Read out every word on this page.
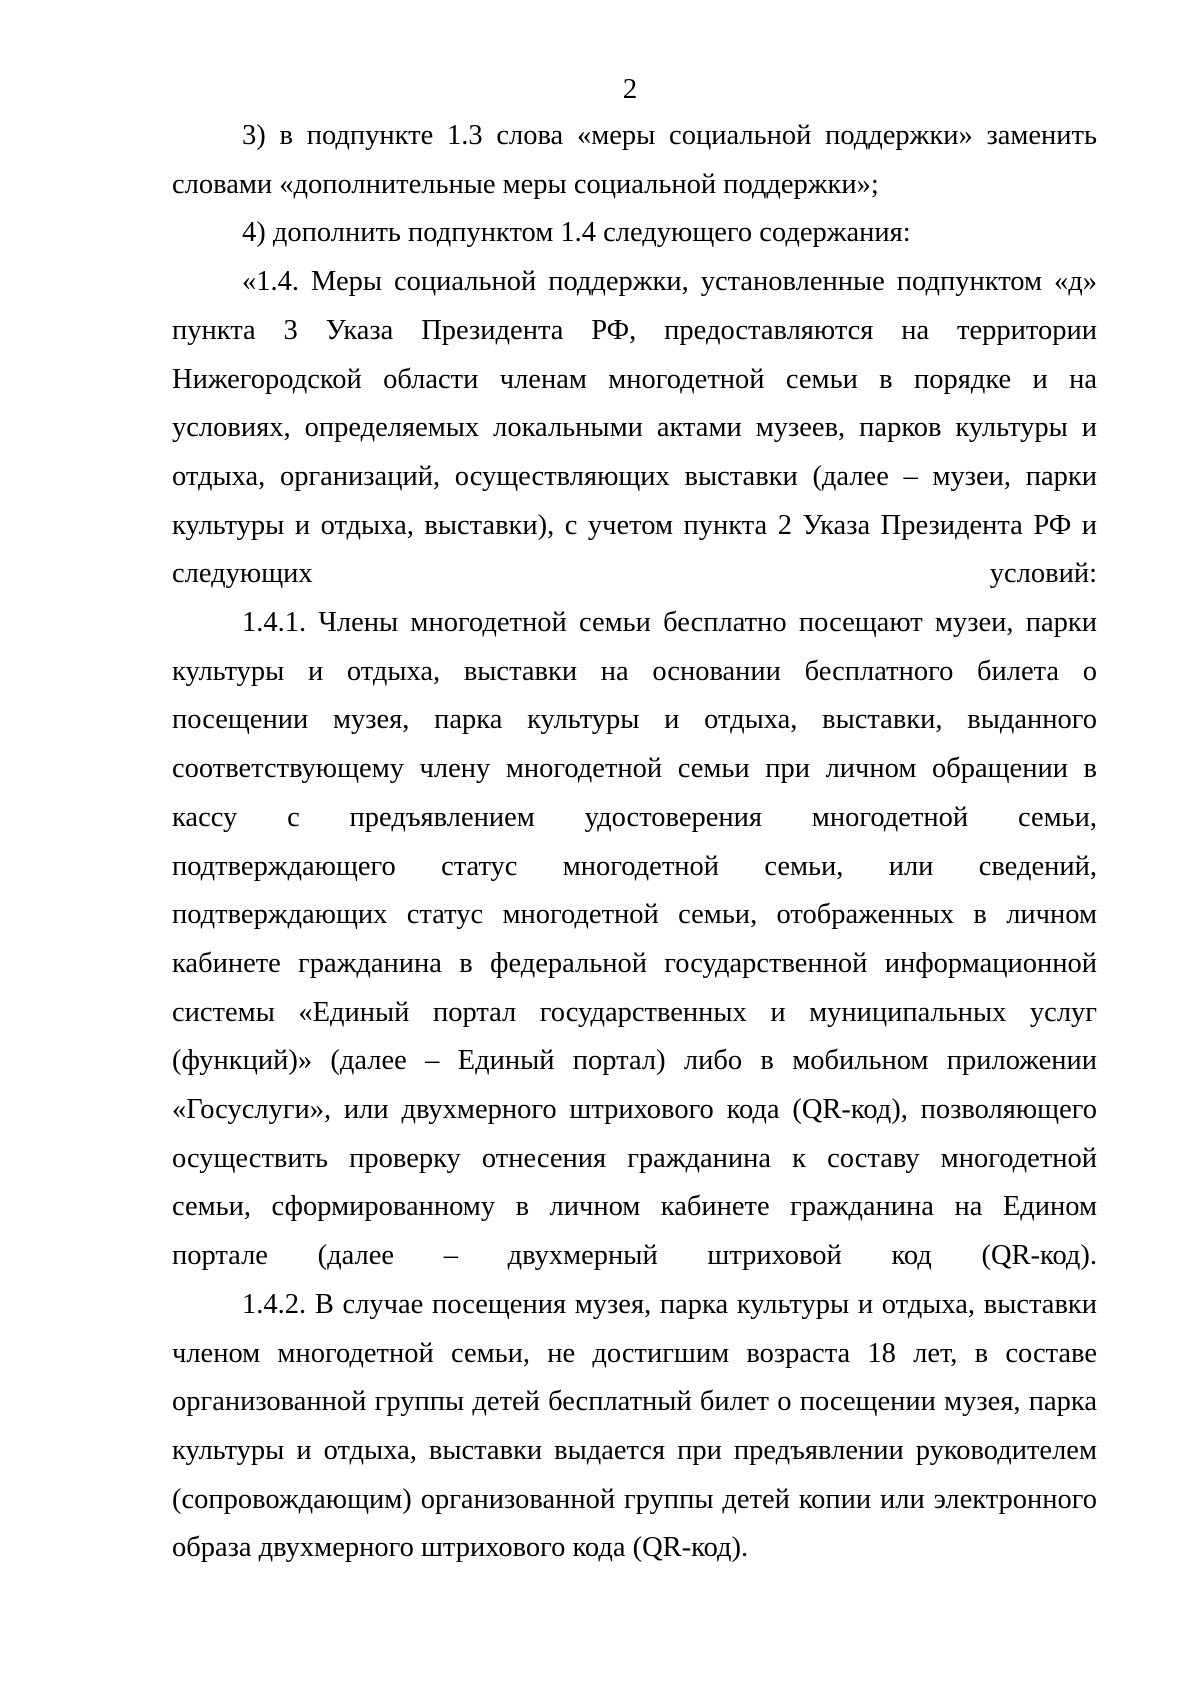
2

3) в подпункте 1.3 слова «меры социальной поддержки» заменить словами «дополнительные меры социальной поддержки»;

4) дополнить подпунктом 1.4 следующего содержания:

«1.4. Меры социальной поддержки, установленные подпунктом «д» пункта 3 Указа Президента РФ, предоставляются на территории Нижегородской области членам многодетной семьи в порядке и на условиях, определяемых локальными актами музеев, парков культуры и отдыха, организаций, осуществляющих выставки (далее – музеи, парки культуры и отдыха, выставки), с учетом пункта 2 Указа Президента РФ и следующих условий:

1.4.1. Члены многодетной семьи бесплатно посещают музеи, парки культуры и отдыха, выставки на основании бесплатного билета о посещении музея, парка культуры и отдыха, выставки, выданного соответствующему члену многодетной семьи при личном обращении в кассу с предъявлением удостоверения многодетной семьи, подтверждающего статус многодетной семьи, или сведений, подтверждающих статус многодетной семьи, отображенных в личном кабинете гражданина в федеральной государственной информационной системы «Единый портал государственных и муниципальных услуг (функций)» (далее – Единый портал) либо в мобильном приложении «Госуслуги», или двухмерного штрихового кода (QR-код), позволяющего осуществить проверку отнесения гражданина к составу многодетной семьи, сформированному в личном кабинете гражданина на Едином портале (далее – двухмерный штриховой код (QR-код).

1.4.2. В случае посещения музея, парка культуры и отдыха, выставки членом многодетной семьи, не достигшим возраста 18 лет, в составе организованной группы детей бесплатный билет о посещении музея, парка культуры и отдыха, выставки выдается при предъявлении руководителем (сопровождающим) организованной группы детей копии или электронного образа двухмерного штрихового кода (QR-код).
